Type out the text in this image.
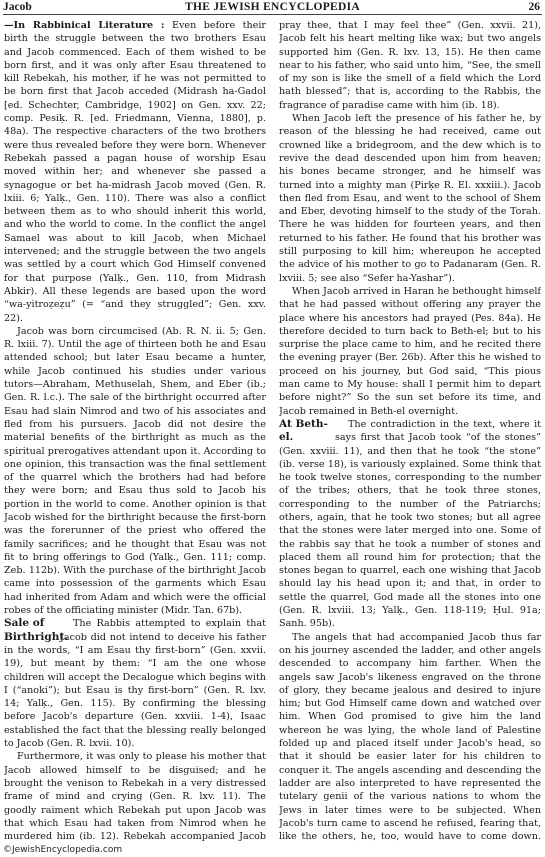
Jacob	THE JEWISH ENCYCLOPEDIA	26

—In Rabbinical Literature : Even before their birth the struggle between the two brothers Esau and Jacob commenced. Each of them wished to be born first, and it was only after Esau threatened to kill Rebekah, his mother, if he was not permitted to be born first that Jacob acceded (Midrash ha-Gadol [ed. Schechter, Cambridge, 1902] on Gen. xxv. 22; comp. Pesiḳ. R. [ed. Friedmann, Vienna, 1880], p. 48a). The respective characters of the two brothers were thus revealed before they were born. Whenever Rebekah passed a pagan house of worship Esau moved within her; and whenever she passed a synagogue or bet ha-midrash Jacob moved (Gen. R. lxiii. 6; Yalḳ., Gen. 110). There was also a conflict between them as to who should inherit this world, and who the world to come. In the conflict the angel Samael was about to kill Jacob, when Michael intervened; and the struggle between the two angels was settled by a court which God Himself convened for that purpose (Yalḳ., Gen. 110, from Midrash Abkir). All these legends are based upon the word “wa-yitroẓeẓu” (= “and they struggled”; Gen. xxv. 22).

Jacob was born circumcised (Ab. R. N. ii. 5; Gen. R. lxiii. 7). Until the age of thirteen both he and Esau attended school; but later Esau became a hunter, while Jacob continued his studies under various tutors—Abraham, Methuselah, Shem, and Eber (ib.; Gen. R. l.c.). The sale of the birthright occurred after Esau had slain Nimrod and two of his associates and fled from his pursuers. Jacob did not desire the material benefits of the birthright as much as the spiritual prerogatives attendant upon it. According to one opinion, this transaction was the final settlement of the quarrel which the brothers had had before they were born; and Esau thus sold to Jacob his portion in the world to come. Another opinion is that Jacob wished for the birthright because the first-born was the forerunner of the priest who offered the family sacrifices; and he thought that Esau was not fit to bring offerings to God (Yalḳ., Gen. 111; comp. Zeb. 112b). With the purchase of the birthright Jacob came into possession of the garments which Esau had inherited from Adam and which were the official robes of the officiating minister (Midr. Tan. 67b).

Sale of
Birthright.
The Rabbis attempted to explain that Jacob did not intend to deceive his father in the words, “I am Esau thy first-born” (Gen. xxvii. 19), but meant by them: “I am the one whose children will accept the Decalogue which begins with I (“anoki”); but Esau is thy first-born” (Gen. R. lxv. 14; Yalḳ., Gen. 115). By confirming the blessing before Jacob's departure (Gen. xxviii. 1-4), Isaac established the fact that the blessing really belonged to Jacob (Gen. R. lxvii. 10).

Furthermore, it was only to please his mother that Jacob allowed himself to be disguised; and he brought the venison to Rebekah in a very distressed frame of mind and crying (Gen. R. lxv. 11). The goodly raiment which Rebekah put upon Jacob was that which Esau had taken from Nimrod when he murdered him (ib. 12). Rebekah accompanied Jacob

pray thee, that I may feel thee” (Gen. xxvii. 21), Jacob felt his heart melting like wax; but two angels supported him (Gen. R. lxv. 13, 15). He then came near to his father, who said unto him, “See, the smell of my son is like the smell of a field which the Lord hath blessed”; that is, according to the Rabbis, the fragrance of paradise came with him (ib. 18).

When Jacob left the presence of his father he, by reason of the blessing he had received, came out crowned like a bridegroom, and the dew which is to revive the dead descended upon him from heaven; his bones became stronger, and he himself was turned into a mighty man (Pirḳe R. El. xxxiii.). Jacob then fled from Esau, and went to the school of Shem and Eber, devoting himself to the study of the Torah. There he was hidden for fourteen years, and then returned to his father. He found that his brother was still purposing to kill him; whereupon he accepted the advice of his mother to go to Padanaram (Gen. R. lxviii. 5; see also “Sefer ha-Yashar”).

When Jacob arrived in Haran he bethought himself that he had passed without offering any prayer the place where his ancestors had prayed (Pes. 84a). He therefore decided to turn back to Beth-el; but to his surprise the place came to him, and he recited there the evening prayer (Ber. 26b). After this he wished to proceed on his journey, but God said, “This pious man came to My house: shall I permit him to depart before night?” So the sun set before its time, and Jacob remained in Beth-el overnight.

At Beth-el.
The contradiction in the text, where it says first that Jacob took “of the stones” (Gen. xxviii. 11), and then that he took “the stone” (ib. verse 18), is variously explained. Some think that he took twelve stones, corresponding to the number of the tribes; others, that he took three stones, corresponding to the number of the Patriarchs; others, again, that he took two stones; but all agree that the stones were later merged into one. Some of the rabbis say that he took a number of stones and placed them all round him for protection; that the stones began to quarrel, each one wishing that Jacob should lay his head upon it; and that, in order to settle the quarrel, God made all the stones into one (Gen. R. lxviii. 13; Yalḳ., Gen. 118-119; Ḥul. 91a; Sanh. 95b).

The angels that had accompanied Jacob thus far on his journey ascended the ladder, and other angels descended to accompany him farther. When the angels saw Jacob's likeness engraved on the throne of glory, they became jealous and desired to injure him; but God Himself came down and watched over him. When God promised to give him the land whereon he was lying, the whole land of Palestine folded up and placed itself under Jacob's head, so that it should be easier later for his children to conquer it. The angels ascending and descending the ladder are also interpreted to have represented the tutelary genii of the various nations to whom the Jews in later times were to be subjected. When Jacob's turn came to ascend he refused, fearing that, like the others, he, too, would have to come down.

©JewishEncyclopedia.com
